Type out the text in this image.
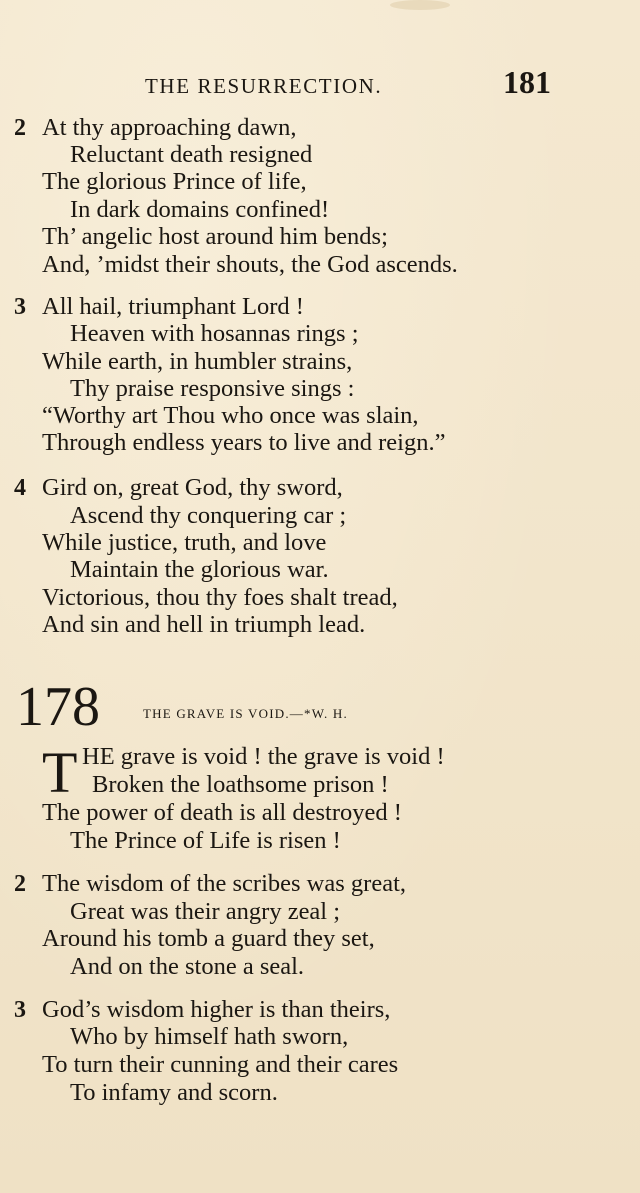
THE RESURRECTION.	181
2 At thy approaching dawn,
Reluctant death resigned
The glorious Prince of life,
In dark domains confined!
Th’ angelic host around him bends;
And, ’midst their shouts, the God ascends.
3 All hail, triumphant Lord !
Heaven with hosannas rings ;
While earth, in humbler strains,
Thy praise responsive sings :
“Worthy art Thou who once was slain,
Through endless years to live and reign.”
4 Gird on, great God, thy sword,
Ascend thy conquering car ;
While justice, truth, and love
Maintain the glorious war.
Victorious, thou thy foes shalt tread,
And sin and hell in triumph lead.
178	THE GRAVE IS VOID.—*W. H.
T HE grave is void ! the grave is void !
Broken the loathsome prison !
The power of death is all destroyed !
The Prince of Life is risen !
2 The wisdom of the scribes was great,
Great was their angry zeal ;
Around his tomb a guard they set,
And on the stone a seal.
3 God’s wisdom higher is than theirs,
Who by himself hath sworn,
To turn their cunning and their cares
To infamy and scorn.
